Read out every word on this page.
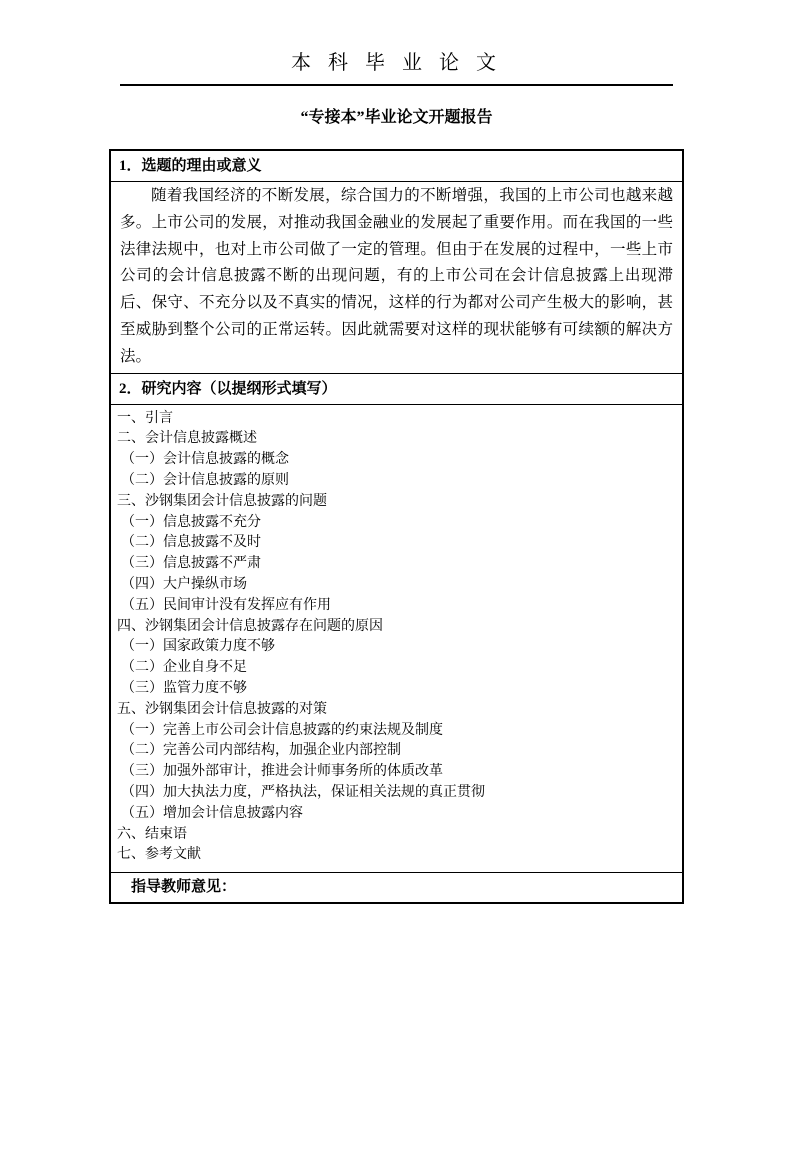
本 科 毕 业 论 文
“专接本”毕业论文开题报告
1．选题的理由或意义

随着我国经济的不断发展，综合国力的不断增强，我国的上市公司也越来越多。上市公司的发展，对推动我国金融业的发展起了重要作用。而在我国的一些法律法规中，也对上市公司做了一定的管理。但由于在发展的过程中，一些上市公司的会计信息披露不断的出现问题，有的上市公司在会计信息披露上出现滞后、保守、不充分以及不真实的情况，这样的行为都对公司产生极大的影响，甚至威胁到整个公司的正常运转。因此就需要对这样的现状能够有可续额的解决方法。

2．研究内容（以提纲形式填写）
一、引言
二、会计信息披露概述
（一）会计信息披露的概念
（二）会计信息披露的原则
三、沙钢集团会计信息披露的问题
（一）信息披露不充分
（二）信息披露不及时
（三）信息披露不严肃
（四）大户操纵市场
（五）民间审计没有发挥应有作用
四、沙钢集团会计信息披露存在问题的原因
（一）国家政策力度不够
（二）企业自身不足
（三）监管力度不够
五、沙钢集团会计信息披露的对策
（一）完善上市公司会计信息披露的约束法规及制度
（二）完善公司内部结构，加强企业内部控制
（三）加强外部审计，推进会计师事务所的体质改革
（四）加大执法力度，严格执法，保证相关法规的真正贯彻
（五）增加会计信息披露内容
六、结束语
七、参考文献
指导教师意见：
